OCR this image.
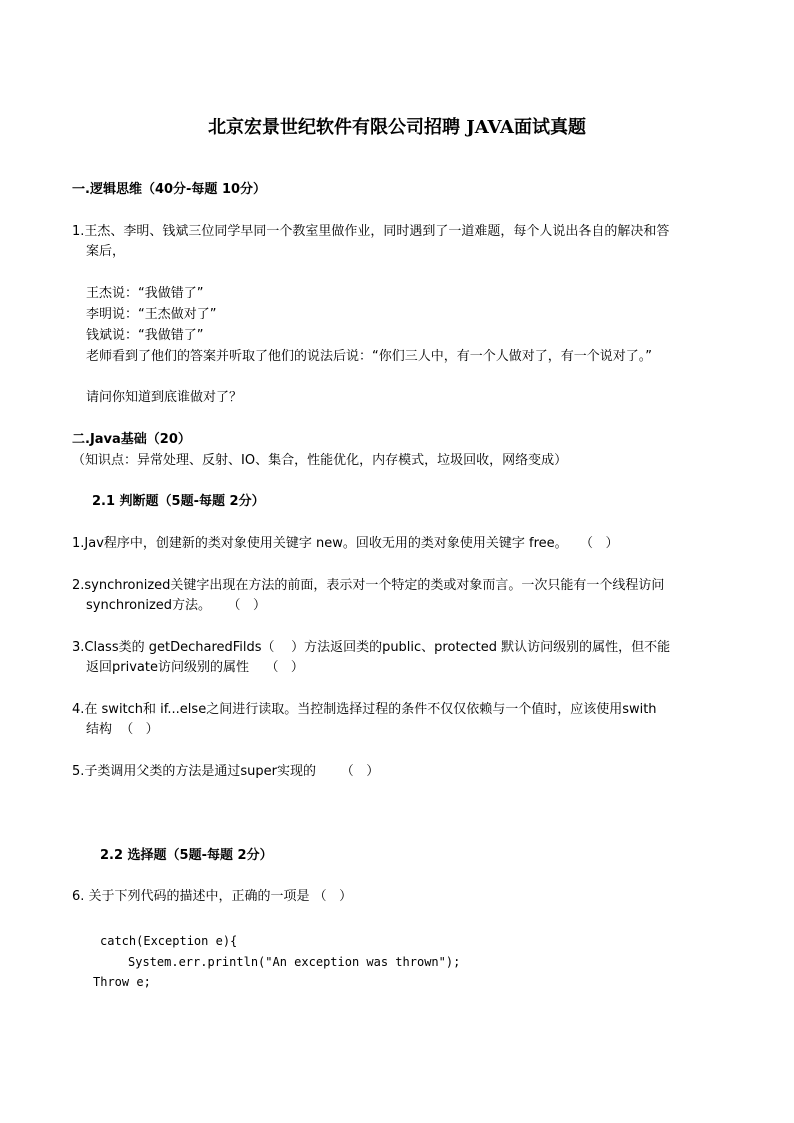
北京宏景世纪软件有限公司招聘 JAVA面试真题
一.逻辑思维（40分-每题 10分）
1.王杰、李明、钱斌三位同学早同一个教室里做作业，同时遇到了一道难题，每个人说出各自的解决和答
案后，
王杰说：“我做错了”
李明说：“王杰做对了”
钱斌说：“我做错了”
老师看到了他们的答案并听取了他们的说法后说：“你们三人中，有一个人做对了，有一个说对了。”
请问你知道到底谁做对了？
二.Java基础（20）
（知识点：异常处理、反射、IO、集合，性能优化，内存模式，垃圾回收，网络变成）
2.1 判断题（5题-每题 2分）
1.Jav程序中，创建新的类对象使用关键字 new。回收无用的类对象使用关键字 free。   （   ）
2.synchronized关键字出现在方法的前面，表示对一个特定的类或对象而言。一次只能有一个线程访问
synchronized方法。    （   ）
3.Class类的 getDecharedFilds（    ）方法返回类的public、protected 默认访问级别的属性，但不能
返回private访问级别的属性    （   ）
4.在 switch和 if...else之间进行读取。当控制选择过程的条件不仅仅依赖与一个值时，应该使用swith
结构  （   ）
5.子类调用父类的方法是通过super实现的      （   ）
2.2 选择题（5题-每题 2分）
6. 关于下列代码的描述中，正确的一项是 （   ）
catch(Exception e){
System.err.println("An exception was thrown");
Throw e;
